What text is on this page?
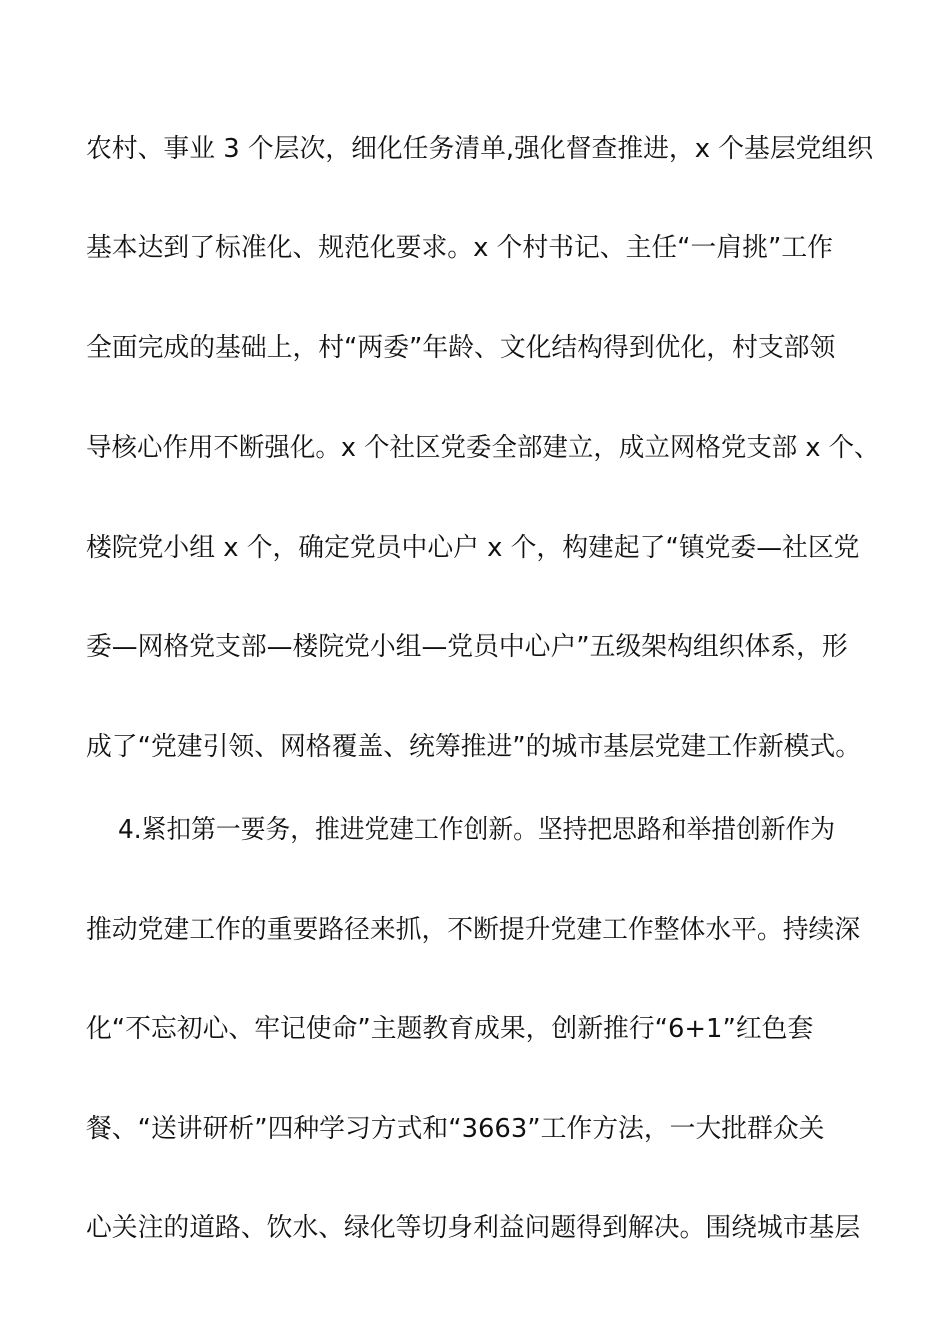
农村、事业 3 个层次，细化任务清单,强化督查推进，x 个基层党组织
基本达到了标准化、规范化要求。x 个村书记、主任“一肩挑”工作
全面完成的基础上，村“两委”年龄、文化结构得到优化，村支部领
导核心作用不断强化。x 个社区党委全部建立，成立网格党支部 x 个、
楼院党小组 x 个，确定党员中心户 x 个，构建起了“镇党委—社区党
委—网格党支部—楼院党小组—党员中心户”五级架构组织体系，形
成了“党建引领、网格覆盖、统筹推进”的城市基层党建工作新模式。
4.紧扣第一要务，推进党建工作创新。坚持把思路和举措创新作为
推动党建工作的重要路径来抓，不断提升党建工作整体水平。持续深
化“不忘初心、牢记使命”主题教育成果，创新推行“6+1”红色套
餐、“送讲研析”四种学习方式和“3663”工作方法，一大批群众关
心关注的道路、饮水、绿化等切身利益问题得到解决。围绕城市基层
